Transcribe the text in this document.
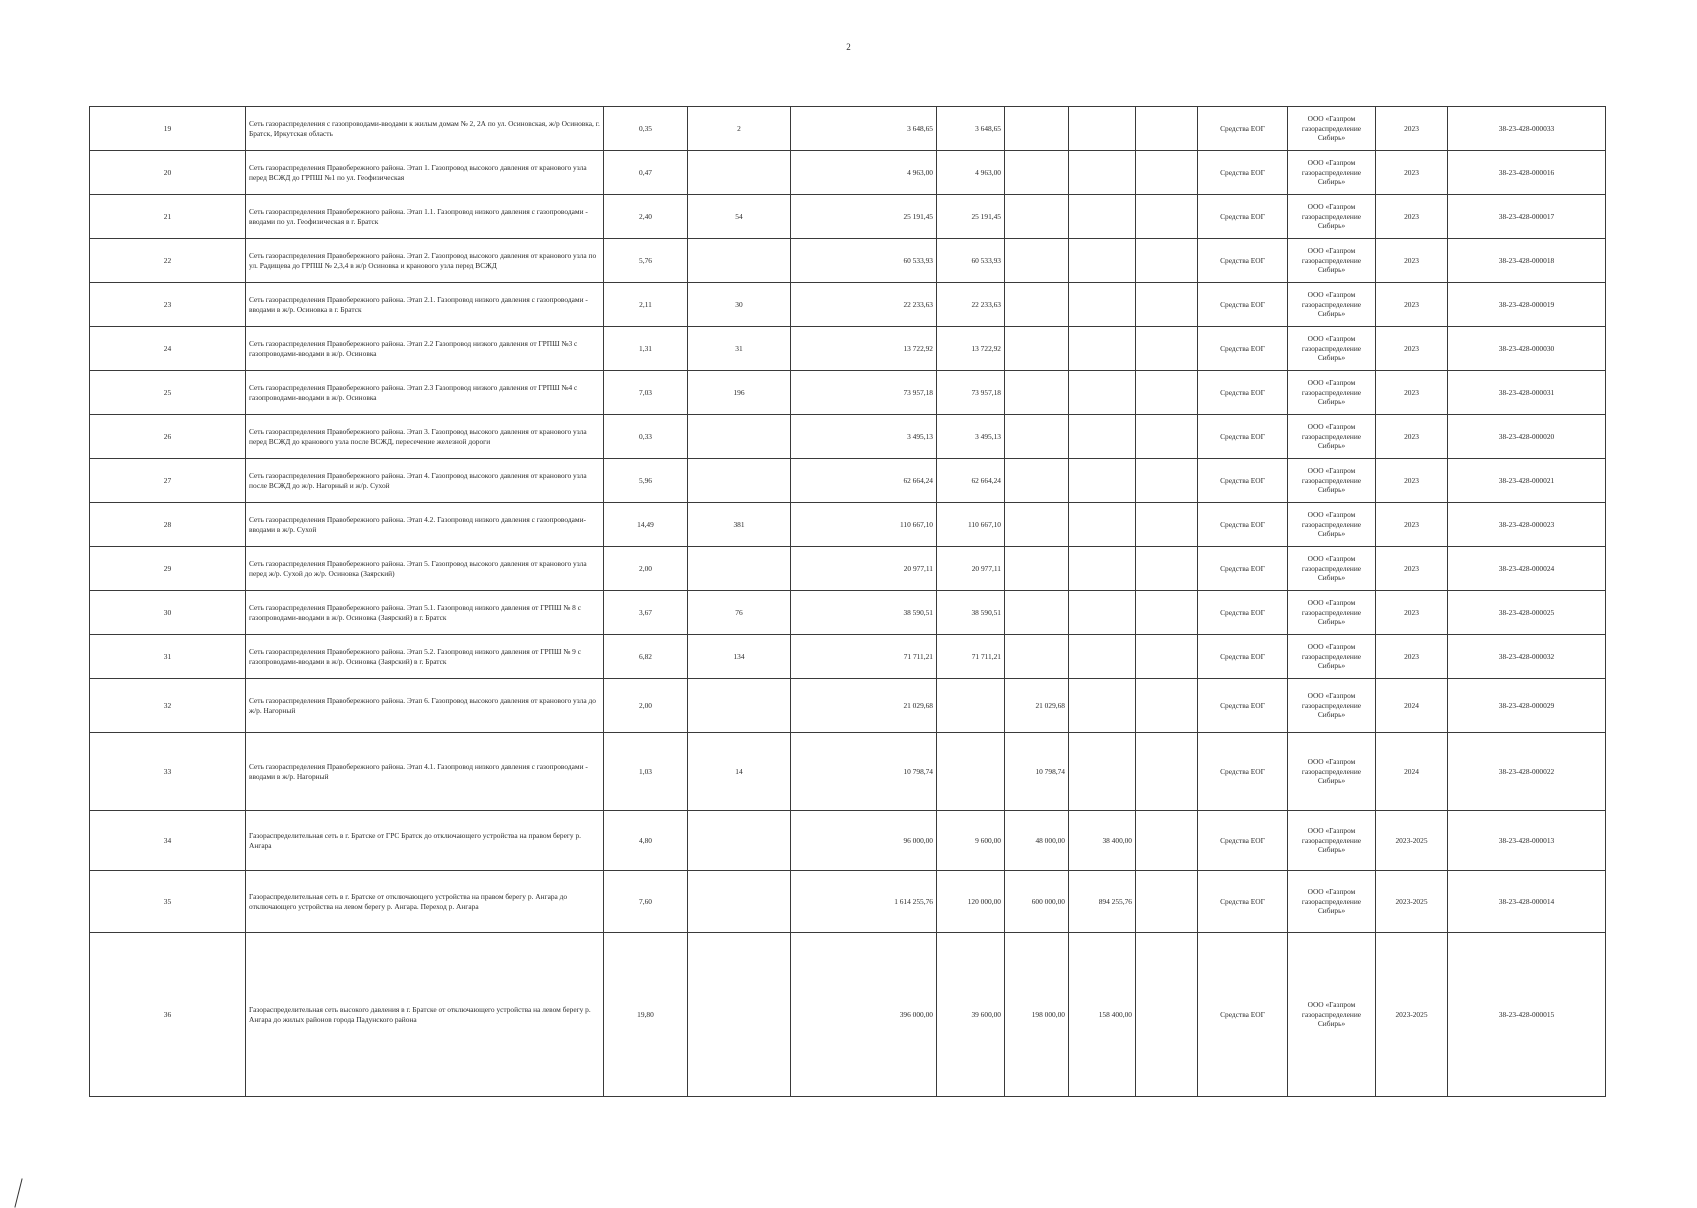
2
19	Сеть газораспределения с газопроводами-вводами к жилым домам № 2, 2А по ул. Осиновская, ж/р Осиновка, г. Братск, Иркутская область	0,35	2	3 648,65	3 648,65				Средства ЕОГ	ООО «Газпром газораспределение Сибирь»	2023	38-23-428-000033
20	Сеть газораспределения Правобережного района. Этап 1. Газопровод высокого давления от кранового узла перед ВСЖД до ГРПШ №1 по ул. Геофизическая	0,47		4 963,00	4 963,00				Средства ЕОГ	ООО «Газпром газораспределение Сибирь»	2023	38-23-428-000016
21	Сеть газораспределения Правобережного района. Этап 1.1. Газопровод низкого давления с газопроводами - вводами по ул. Геофизическая в г. Братск	2,40	54	25 191,45	25 191,45				Средства ЕОГ	ООО «Газпром газораспределение Сибирь»	2023	38-23-428-000017
22	Сеть газораспределения Правобережного района. Этап 2. Газопровод высокого давления от кранового узла по ул. Радищева до ГРПШ № 2,3,4 в ж/р Осиновка и кранового узла перед ВСЖД	5,76		60 533,93	60 533,93				Средства ЕОГ	ООО «Газпром газораспределение Сибирь»	2023	38-23-428-000018
23	Сеть газораспределения Правобережного района. Этап 2.1. Газопровод низкого давления с газопроводами - вводами в ж/р. Осиновка в г. Братск	2,11	30	22 233,63	22 233,63				Средства ЕОГ	ООО «Газпром газораспределение Сибирь»	2023	38-23-428-000019
24	Сеть газораспределения Правобережного района. Этап 2.2 Газопровод низкого давления от ГРПШ №3 с газопроводами-вводами в ж/р. Осиновка	1,31	31	13 722,92	13 722,92				Средства ЕОГ	ООО «Газпром газораспределение Сибирь»	2023	38-23-428-000030
25	Сеть газораспределения Правобережного района. Этап 2.3 Газопровод низкого давления от ГРПШ №4 с газопроводами-вводами в ж/р. Осиновка	7,03	196	73 957,18	73 957,18				Средства ЕОГ	ООО «Газпром газораспределение Сибирь»	2023	38-23-428-000031
26	Сеть газораспределения Правобережного района. Этап 3. Газопровод высокого давления от кранового узла перед ВСЖД до кранового узла после ВСЖД, пересечение железной дороги	0,33		3 495,13	3 495,13				Средства ЕОГ	ООО «Газпром газораспределение Сибирь»	2023	38-23-428-000020
27	Сеть газораспределения Правобережного района. Этап 4. Газопровод высокого давления от кранового узла после ВСЖД до ж/р. Нагорный и ж/р. Сухой	5,96		62 664,24	62 664,24				Средства ЕОГ	ООО «Газпром газораспределение Сибирь»	2023	38-23-428-000021
28	Сеть газораспределения Правобережного района. Этап 4.2. Газопровод низкого давления с газопроводами-вводами в ж/р. Сухой	14,49	381	110 667,10	110 667,10				Средства ЕОГ	ООО «Газпром газораспределение Сибирь»	2023	38-23-428-000023
29	Сеть газораспределения Правобережного района. Этап 5. Газопровод высокого давления от кранового узла перед ж/р. Сухой до ж/р. Осиновка (Заярский)	2,00		20 977,11	20 977,11				Средства ЕОГ	ООО «Газпром газораспределение Сибирь»	2023	38-23-428-000024
30	Сеть газораспределения Правобережного района. Этап 5.1. Газопровод низкого давления от ГРПШ № 8 с газопроводами-вводами в ж/р. Осиновка (Заярский) в г. Братск	3,67	76	38 590,51	38 590,51				Средства ЕОГ	ООО «Газпром газораспределение Сибирь»	2023	38-23-428-000025
31	Сеть газораспределения Правобережного района. Этап 5.2. Газопровод низкого давления от ГРПШ № 9 с газопроводами-вводами в ж/р. Осиновка (Заярский) в г. Братск	6,82	134	71 711,21	71 711,21				Средства ЕОГ	ООО «Газпром газораспределение Сибирь»	2023	38-23-428-000032
32	Сеть газораспределения Правобережного района. Этап 6. Газопровод высокого давления от кранового узла до ж/р. Нагорный	2,00		21 029,68		21 029,68			Средства ЕОГ	ООО «Газпром газораспределение Сибирь»	2024	38-23-428-000029
33	Сеть газораспределения Правобережного района. Этап 4.1. Газопровод низкого давления с газопроводами - вводами в ж/р. Нагорный	1,03	14	10 798,74		10 798,74			Средства ЕОГ	ООО «Газпром газораспределение Сибирь»	2024	38-23-428-000022
34	Газораспределительная сеть в г. Братске от ГРС Братск до отключающего устройства на правом берегу р. Ангара	4,80		96 000,00	9 600,00	48 000,00	38 400,00		Средства ЕОГ	ООО «Газпром газораспределение Сибирь»	2023-2025	38-23-428-000013
35	Газораспределительная сеть в г. Братске от отключающего устройства на правом берегу р. Ангара до отключающего устройства на левом берегу р. Ангара. Переход р. Ангара	7,60		1 614 255,76	120 000,00	600 000,00	894 255,76		Средства ЕОГ	ООО «Газпром газораспределение Сибирь»	2023-2025	38-23-428-000014
36	Газораспределительная сеть высокого давления в г. Братске от отключающего устройства на левом берегу р. Ангара до жилых районов города Падунского района	19,80		396 000,00	39 600,00	198 000,00	158 400,00		Средства ЕОГ	ООО «Газпром газораспределение Сибирь»	2023-2025	38-23-428-000015
